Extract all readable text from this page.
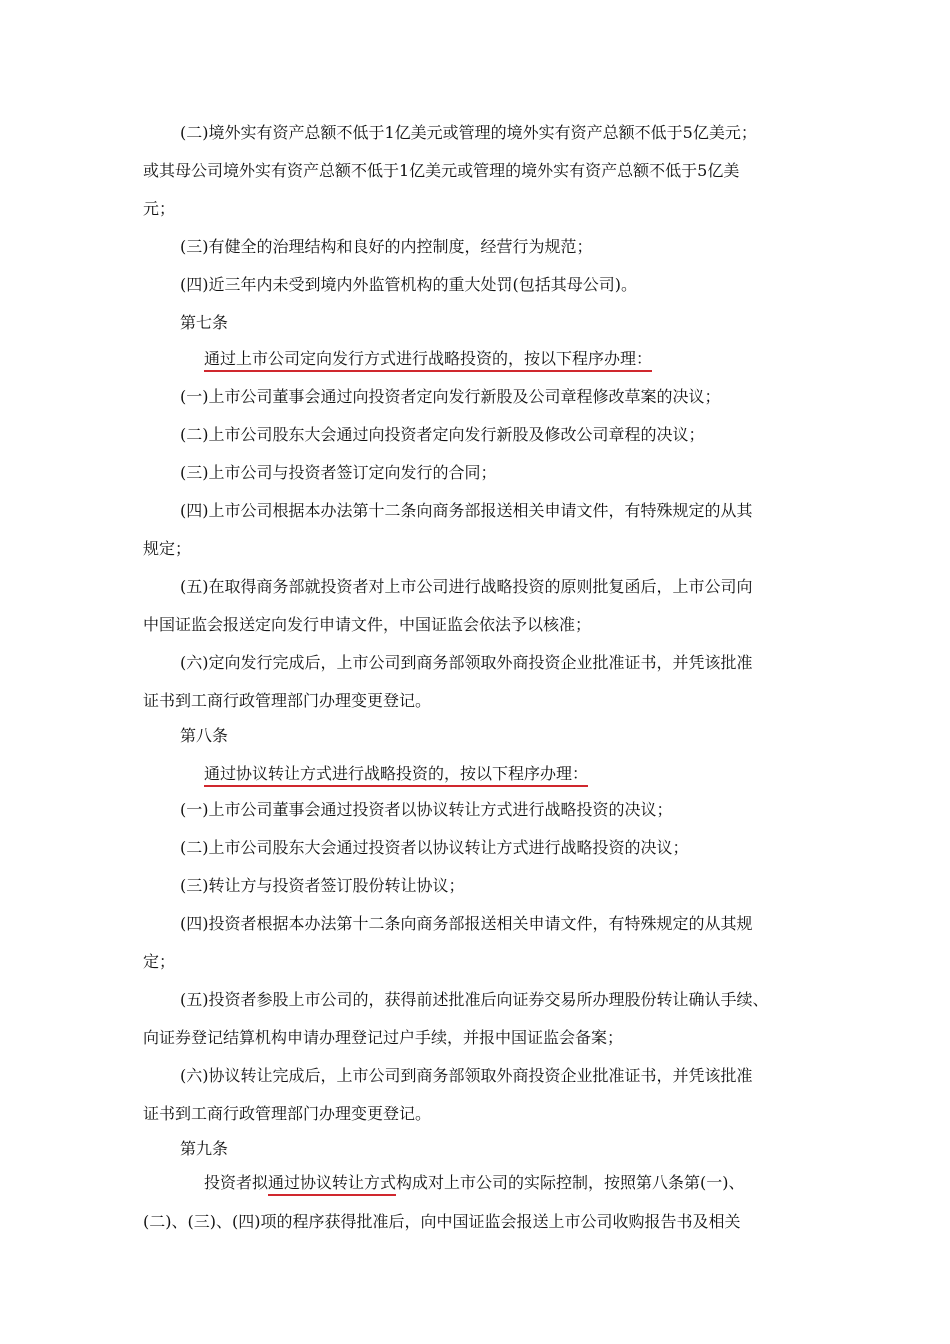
(二)境外实有资产总额不低于1亿美元或管理的境外实有资产总额不低于5亿美元；
或其母公司境外实有资产总额不低于1亿美元或管理的境外实有资产总额不低于5亿美
元；
(三)有健全的治理结构和良好的内控制度，经营行为规范；
(四)近三年内未受到境内外监管机构的重大处罚(包括其母公司)。
第七条
通过上市公司定向发行方式进行战略投资的，按以下程序办理：
(一)上市公司董事会通过向投资者定向发行新股及公司章程修改草案的决议；
(二)上市公司股东大会通过向投资者定向发行新股及修改公司章程的决议；
(三)上市公司与投资者签订定向发行的合同；
(四)上市公司根据本办法第十二条向商务部报送相关申请文件，有特殊规定的从其
规定；
(五)在取得商务部就投资者对上市公司进行战略投资的原则批复函后，上市公司向
中国证监会报送定向发行申请文件，中国证监会依法予以核准；
(六)定向发行完成后，上市公司到商务部领取外商投资企业批准证书，并凭该批准
证书到工商行政管理部门办理变更登记。
第八条
通过协议转让方式进行战略投资的，按以下程序办理：
(一)上市公司董事会通过投资者以协议转让方式进行战略投资的决议；
(二)上市公司股东大会通过投资者以协议转让方式进行战略投资的决议；
(三)转让方与投资者签订股份转让协议；
(四)投资者根据本办法第十二条向商务部报送相关申请文件，有特殊规定的从其规
定；
(五)投资者参股上市公司的，获得前述批准后向证券交易所办理股份转让确认手续、
向证券登记结算机构申请办理登记过户手续，并报中国证监会备案；
(六)协议转让完成后，上市公司到商务部领取外商投资企业批准证书，并凭该批准
证书到工商行政管理部门办理变更登记。
第九条
投资者拟通过协议转让方式构成对上市公司的实际控制，按照第八条第(一)、
(二)、(三)、(四)项的程序获得批准后，向中国证监会报送上市公司收购报告书及相关
